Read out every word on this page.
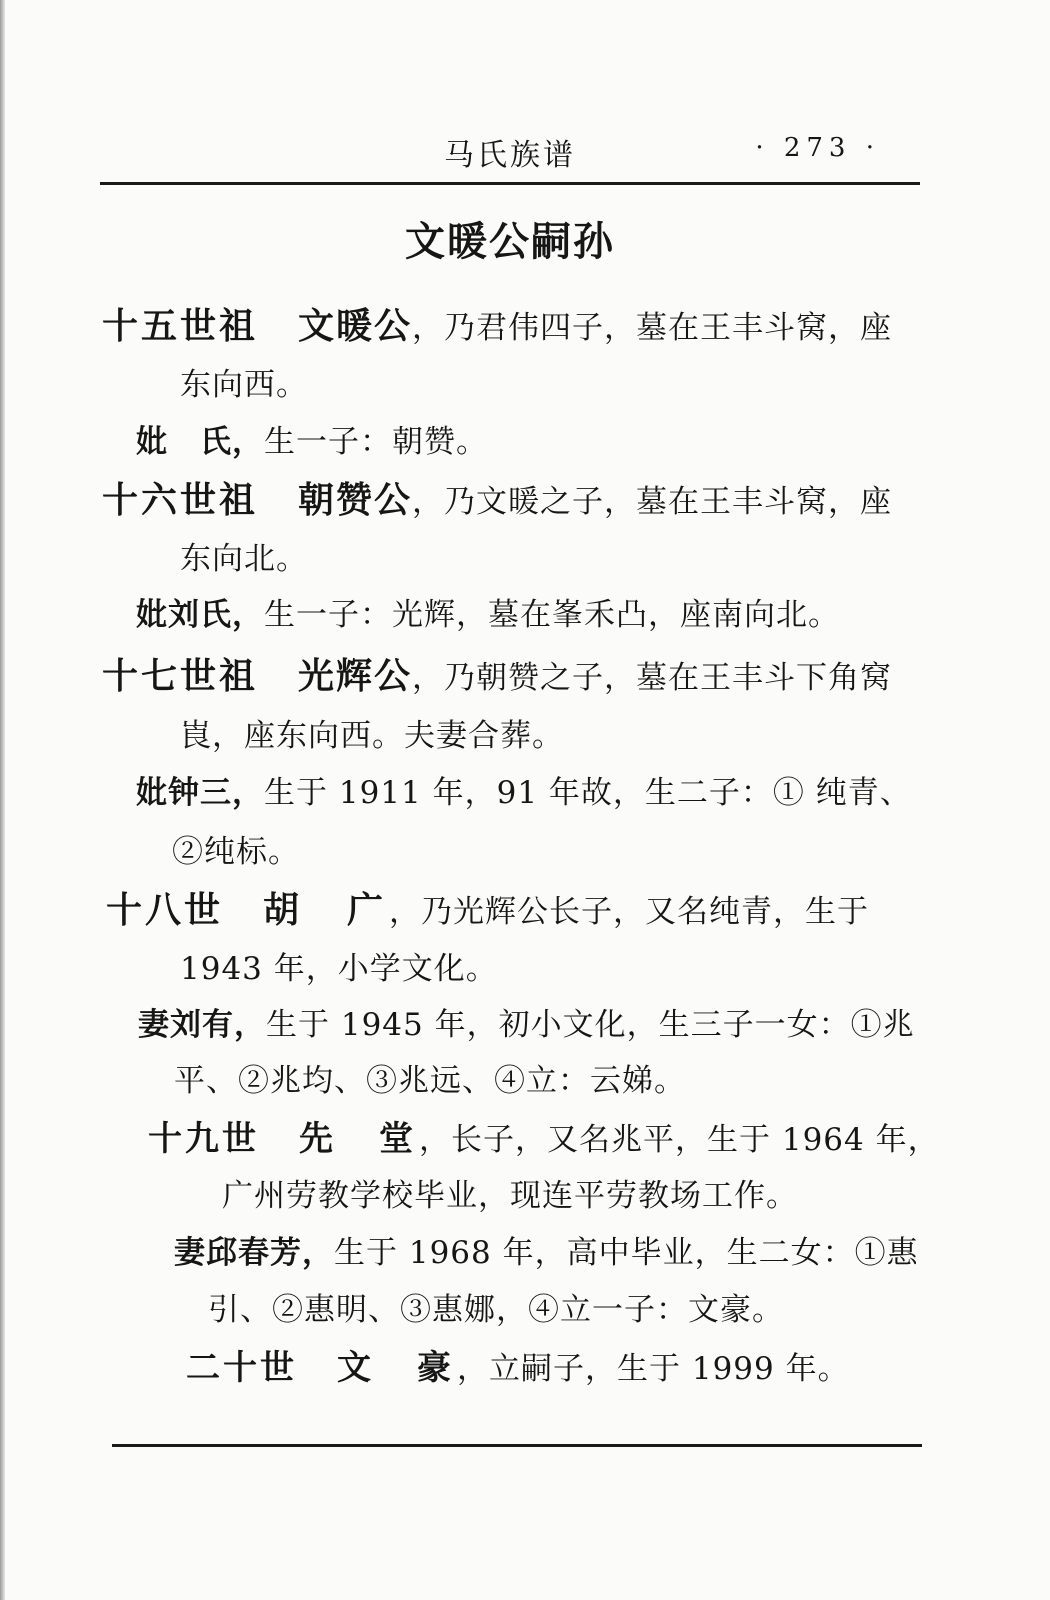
马氏族谱	· 273 ·
文暖公嗣孙
十五世祖 文暖公，乃君伟四子，墓在王丰斗窝，座
东向西。
妣　氏，生一子：朝赞。
十六世祖 朝赞公，乃文暖之子，墓在王丰斗窝，座
东向北。
妣刘氏，生一子：光辉，墓在峯禾凸，座南向北。
十七世祖 光辉公，乃朝赞之子，墓在王丰斗下角窝
崀，座东向西。夫妻合葬。
妣钟三，生于 1911 年，91 年故，生二子：① 纯青、
②纯标。
十八世 胡　广，乃光辉公长子，又名纯青，生于
1943 年，小学文化。
妻刘有，生于 1945 年，初小文化，生三子一女：①兆
平、②兆均、③兆远、④立：云娣。
十九世 先　堂，长子，又名兆平，生于 1964 年，
广州劳教学校毕业，现连平劳教场工作。
妻邱春芳，生于 1968 年，高中毕业，生二女：①惠
引、②惠明、③惠娜，④立一子：文豪。
二十世 文　豪，立嗣子，生于 1999 年。
